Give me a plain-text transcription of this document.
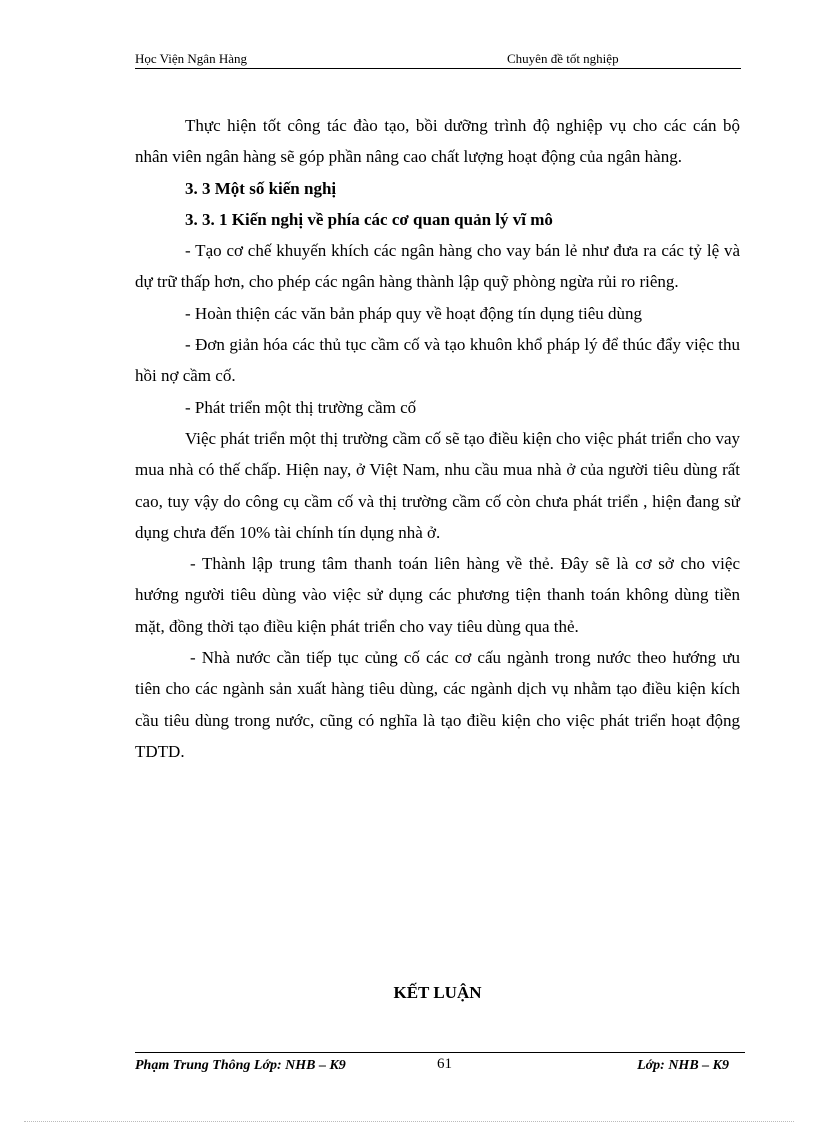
Học Viện Ngân Hàng	Chuyên đề tốt nghiệp

Thực hiện tốt công tác đào tạo, bồi dưỡng trình độ nghiệp vụ cho các cán bộ nhân viên ngân hàng sẽ góp phần nâng cao chất lượng hoạt động của ngân hàng.

3. 3 Một số kiến nghị

3. 3. 1 Kiến nghị về phía các cơ quan quản lý vĩ mô

- Tạo cơ chế khuyến khích các ngân hàng cho vay bán lẻ như đưa ra các tỷ lệ và dự trữ thấp hơn, cho phép các ngân hàng thành lập quỹ phòng ngừa rủi ro riêng.

- Hoàn thiện các văn bản pháp quy về hoạt động tín dụng tiêu dùng

- Đơn giản hóa các thủ tục cầm cố và tạo khuôn khổ pháp lý để thúc đẩy việc thu hồi nợ cầm cố.

- Phát triển một thị trường cầm cố

Việc phát triển một thị trường cầm cố sẽ tạo điều kiện cho việc phát triển cho vay mua nhà có thế chấp. Hiện nay, ở Việt Nam, nhu cầu mua nhà ở của người tiêu dùng rất cao, tuy vậy do công cụ cầm cố và thị trường cầm cố còn chưa phát triển , hiện đang sử dụng chưa đến 10% tài chính tín dụng nhà ở.

- Thành lập trung tâm thanh toán liên hàng về thẻ. Đây sẽ là cơ sở cho việc hướng người tiêu dùng vào việc sử dụng các phương tiện thanh toán không dùng tiền mặt, đồng thời tạo điều kiện phát triển cho vay tiêu dùng qua thẻ.

- Nhà nước cần tiếp tục củng cố các cơ cấu ngành trong nước theo hướng ưu tiên cho các ngành sản xuất hàng tiêu dùng, các ngành dịch vụ nhằm tạo điều kiện kích cầu tiêu dùng trong nước, cũng có nghĩa là tạo điều kiện cho việc phát triển hoạt động TDTD.

KẾT LUẬN
Phạm Trung Thông Lớp: NHB – K9	61	Lớp: NHB – K9
